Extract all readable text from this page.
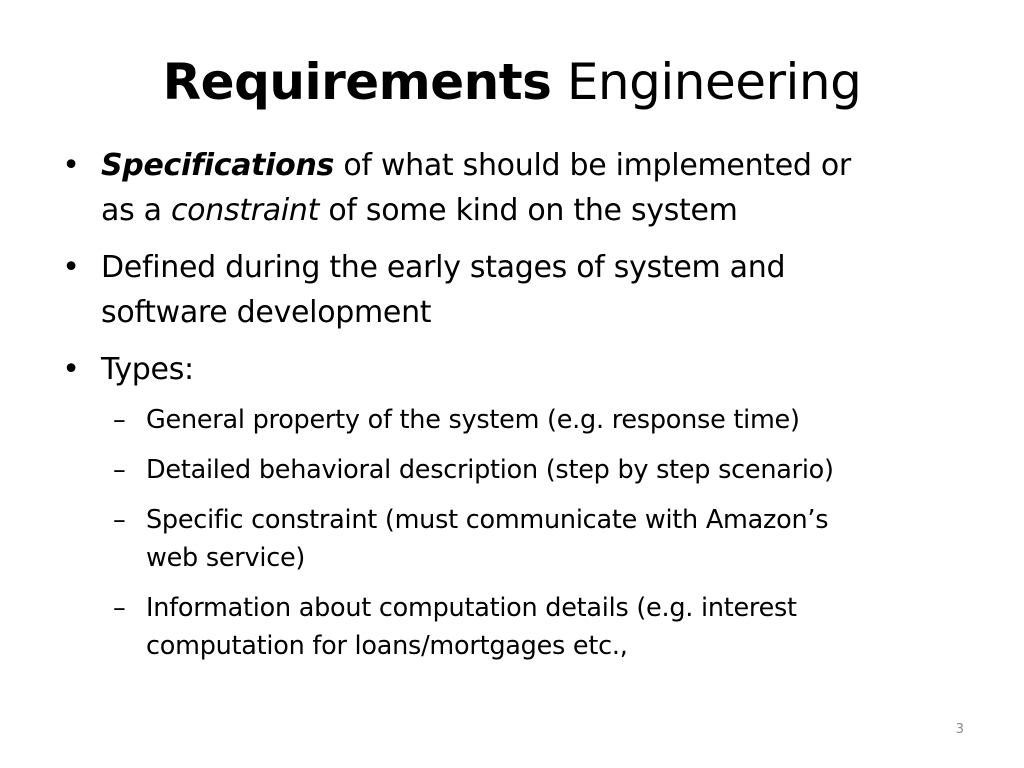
Requirements Engineering
• Specifications of what should be implemented or
as a constraint of some kind on the system
• Defined during the early stages of system and
software development
• Types:
– General property of the system (e.g. response time)
– Detailed behavioral description (step by step scenario)
– Specific constraint (must communicate with Amazon’s
web service)
– Information about computation details (e.g. interest
computation for loans/mortgages etc.,
3
